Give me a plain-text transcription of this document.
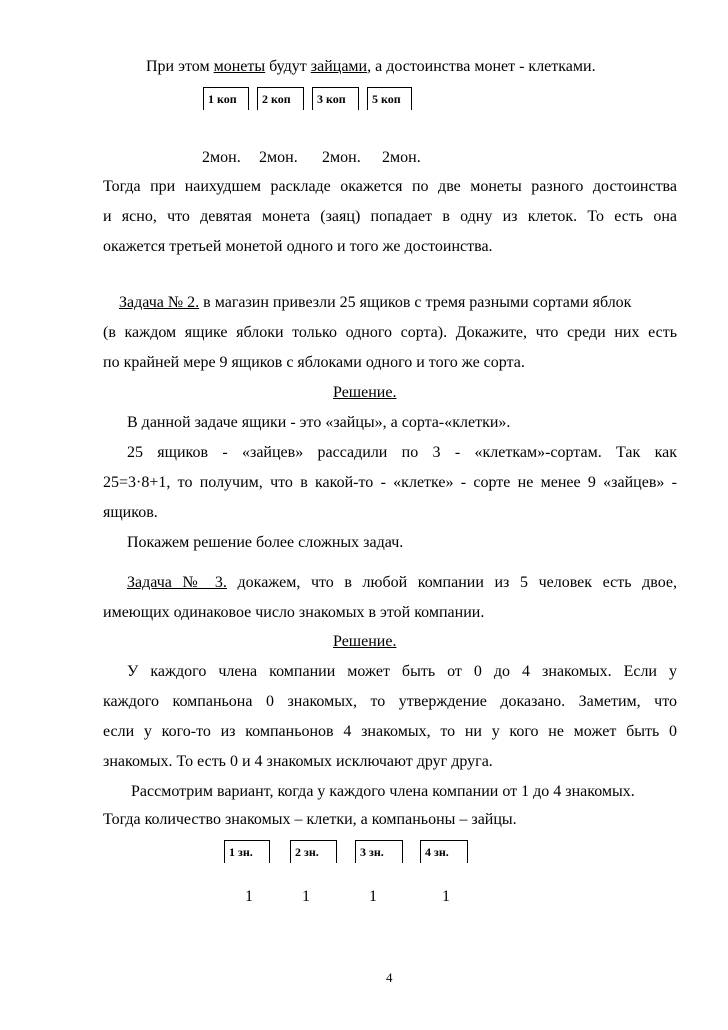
При этом монеты будут зайцами, а достоинства монет - клетками.
1 коп	2 коп	3 коп	5 коп
2мон. 2мон. 2мон. 2мон.
Тогда при наихудшем раскладе окажется по две монеты разного достоинства
и ясно, что девятая монета (заяц) попадает в одну из клеток. То есть она
окажется третьей монетой одного и того же достоинства.
Задача № 2. в магазин привезли 25 ящиков с тремя разными сортами яблок
(в каждом ящике яблоки только одного сорта). Докажите, что среди них есть
по крайней мере 9 ящиков с яблоками одного и того же сорта.
Решение.
В данной задаче ящики - это «зайцы», а сорта-«клетки».
25 ящиков - «зайцев» рассадили по 3 - «клеткам»-сортам. Так как
25=3·8+1, то получим, что в какой-то - «клетке» - сорте не менее 9 «зайцев» -
ящиков.
Покажем решение более сложных задач.
Задача № 3. докажем, что в любой компании из 5 человек есть двое,
имеющих одинаковое число знакомых в этой компании.
Решение.
У каждого члена компании может быть от 0 до 4 знакомых. Если у
каждого компаньона 0 знакомых, то утверждение доказано. Заметим, что
если у кого-то из компаньонов 4 знакомых, то ни у кого не может быть 0
знакомых. То есть 0 и 4 знакомых исключают друг друга.
Рассмотрим вариант, когда у каждого члена компании от 1 до 4 знакомых.
Тогда количество знакомых – клетки, а компаньоны – зайцы.
1 зн.	2 зн.	3 зн.	4 зн.
1	1	1	1
4
